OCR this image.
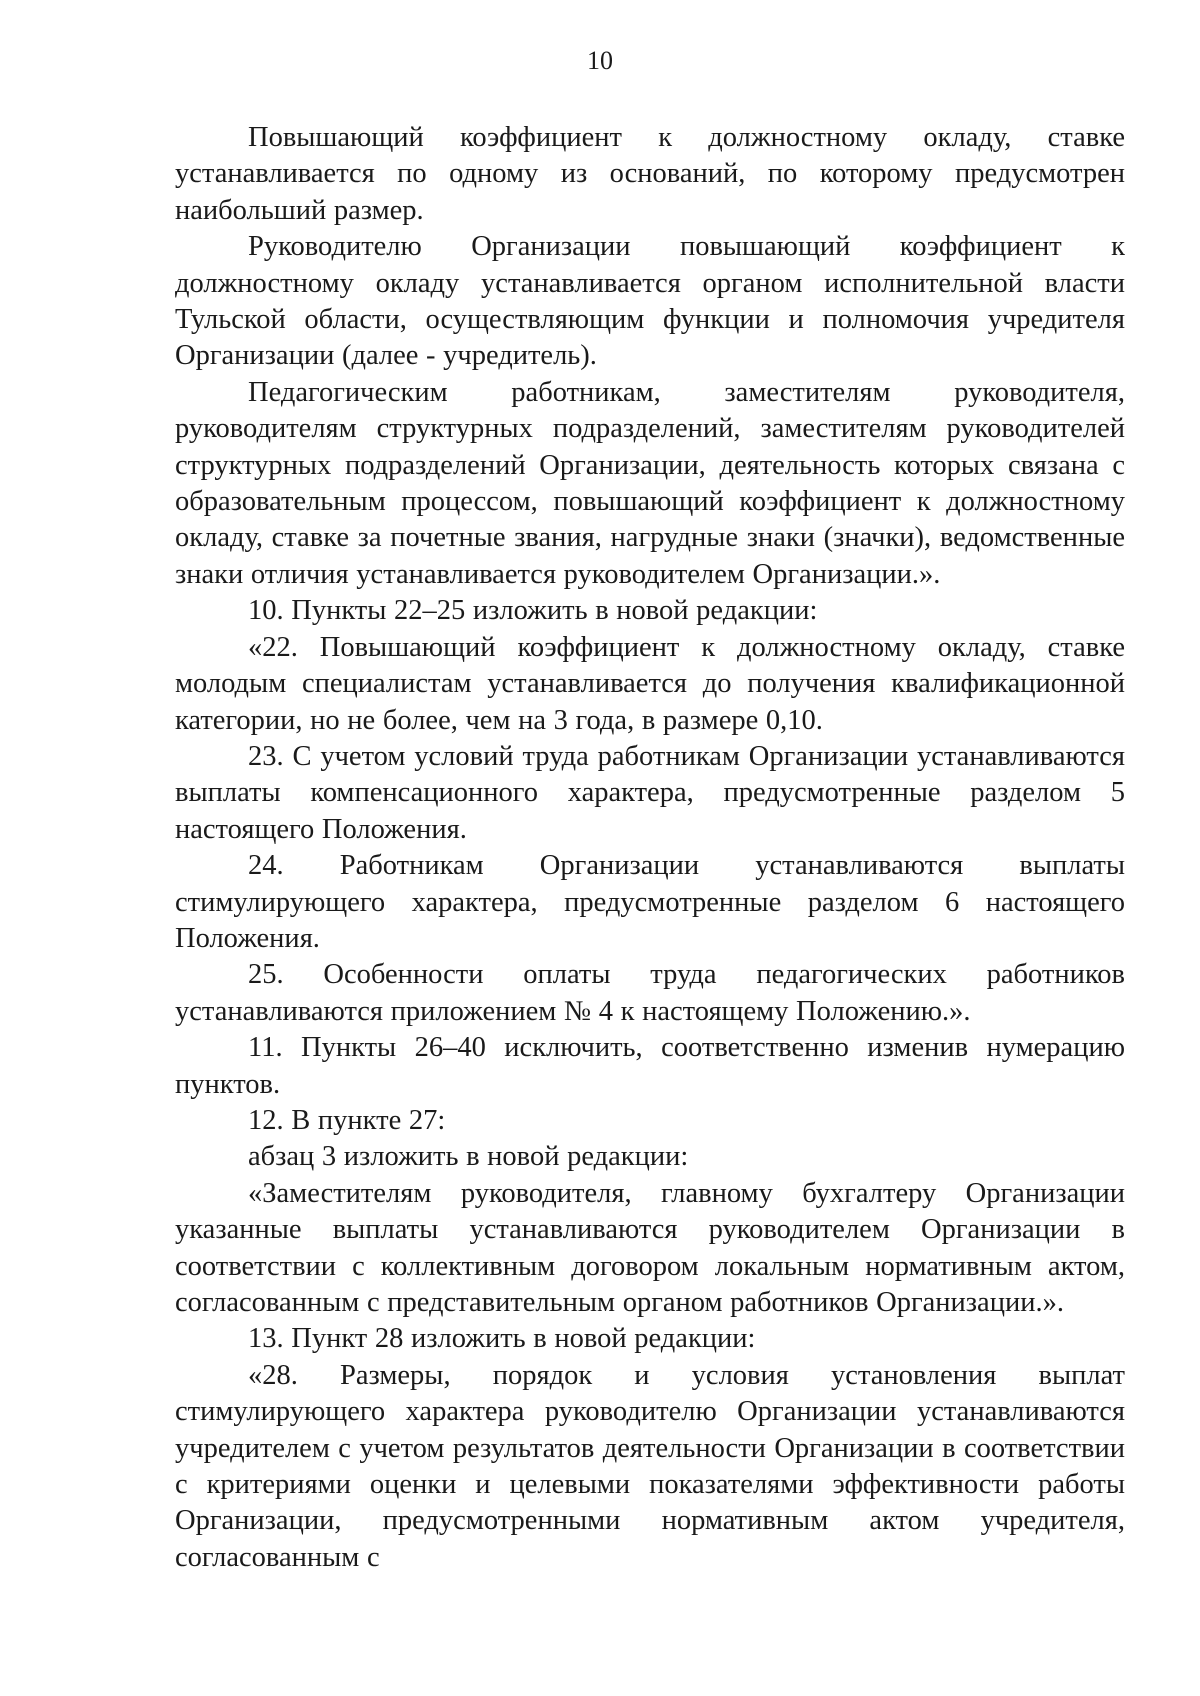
10

Повышающий коэффициент к должностному окладу, ставке устанавливается по одному из оснований, по которому предусмотрен наибольший размер.

Руководителю Организации повышающий коэффициент к должностному окладу устанавливается органом исполнительной власти Тульской области, осуществляющим функции и полномочия учредителя Организации (далее - учредитель).

Педагогическим работникам, заместителям руководителя, руководителям структурных подразделений, заместителям руководителей структурных подразделений Организации, деятельность которых связана с образовательным процессом, повышающий коэффициент к должностному окладу, ставке за почетные звания, нагрудные знаки (значки), ведомственные знаки отличия устанавливается руководителем Организации.».

10. Пункты 22–25 изложить в новой редакции:

«22. Повышающий коэффициент к должностному окладу, ставке молодым специалистам устанавливается до получения квалификационной категории, но не более, чем на 3 года, в размере 0,10.

23. С учетом условий труда работникам Организации устанавливаются выплаты компенсационного характера, предусмотренные разделом 5 настоящего Положения.

24. Работникам Организации устанавливаются выплаты стимулирующего характера, предусмотренные разделом 6 настоящего Положения.

25. Особенности оплаты труда педагогических работников устанавливаются приложением № 4 к настоящему Положению.».

11. Пункты 26–40 исключить, соответственно изменив нумерацию пунктов.

12. В пункте 27:

абзац 3 изложить в новой редакции:

«Заместителям руководителя, главному бухгалтеру Организации указанные выплаты устанавливаются руководителем Организации в соответствии с коллективным договором локальным нормативным актом, согласованным с представительным органом работников Организации.».

13. Пункт 28 изложить в новой редакции:

«28. Размеры, порядок и условия установления выплат стимулирующего характера руководителю Организации устанавливаются учредителем с учетом результатов деятельности Организации в соответствии с критериями оценки и целевыми показателями эффективности работы Организации, предусмотренными нормативным актом учредителя, согласованным с
